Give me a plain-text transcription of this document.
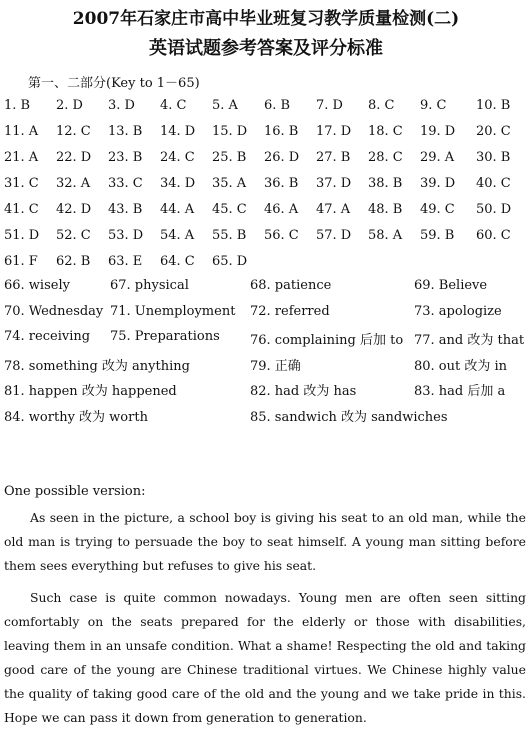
2007年石家庄市高中毕业班复习教学质量检测(二)
英语试题参考答案及评分标准
第一、二部分(Key to 1－65)
1. B 2. D 3. D 4. C 5. A 6. B 7. D 8. C 9. C 10. B
11. A 12. C 13. B 14. D 15. D 16. B 17. D 18. C 19. D 20. C
21. A 22. D 23. B 24. C 25. B 26. D 27. B 28. C 29. A 30. B
31. C 32. A 33. C 34. D 35. A 36. B 37. D 38. B 39. D 40. C
41. C 42. D 43. B 44. A 45. C 46. A 47. A 48. B 49. C 50. D
51. D 52. C 53. D 54. A 55. B 56. C 57. D 58. A 59. B 60. C
61. F 62. B 63. E 64. C 65. D
66. wisely	67. physical	68. patience	69. Believe
70. Wednesday 71. Unemployment 72. referred	73. apologize
74. receiving 75. Preparations 76. complaining 后加 to 77. and 改为 that
78. something 改为 anything	79. 正确	80. out 改为 in
81. happen 改为 happened	82. had 改为 has	83. had 后加 a
84. worthy 改为 worth	85. sandwich 改为 sandwiches
One possible version:

As seen in the picture, a school boy is giving his seat to an old man, while the old man is trying to persuade the boy to seat himself. A young man sitting before them sees everything but refuses to give his seat.

Such case is quite common nowadays. Young men are often seen sitting comfortably on the seats prepared for the elderly or those with disabilities, leaving them in an unsafe condition. What a shame! Respecting the old and taking good care of the young are Chinese traditional virtues. We Chinese highly value the quality of taking good care of the old and the young and we take pride in this. Hope we can pass it down from generation to generation.
